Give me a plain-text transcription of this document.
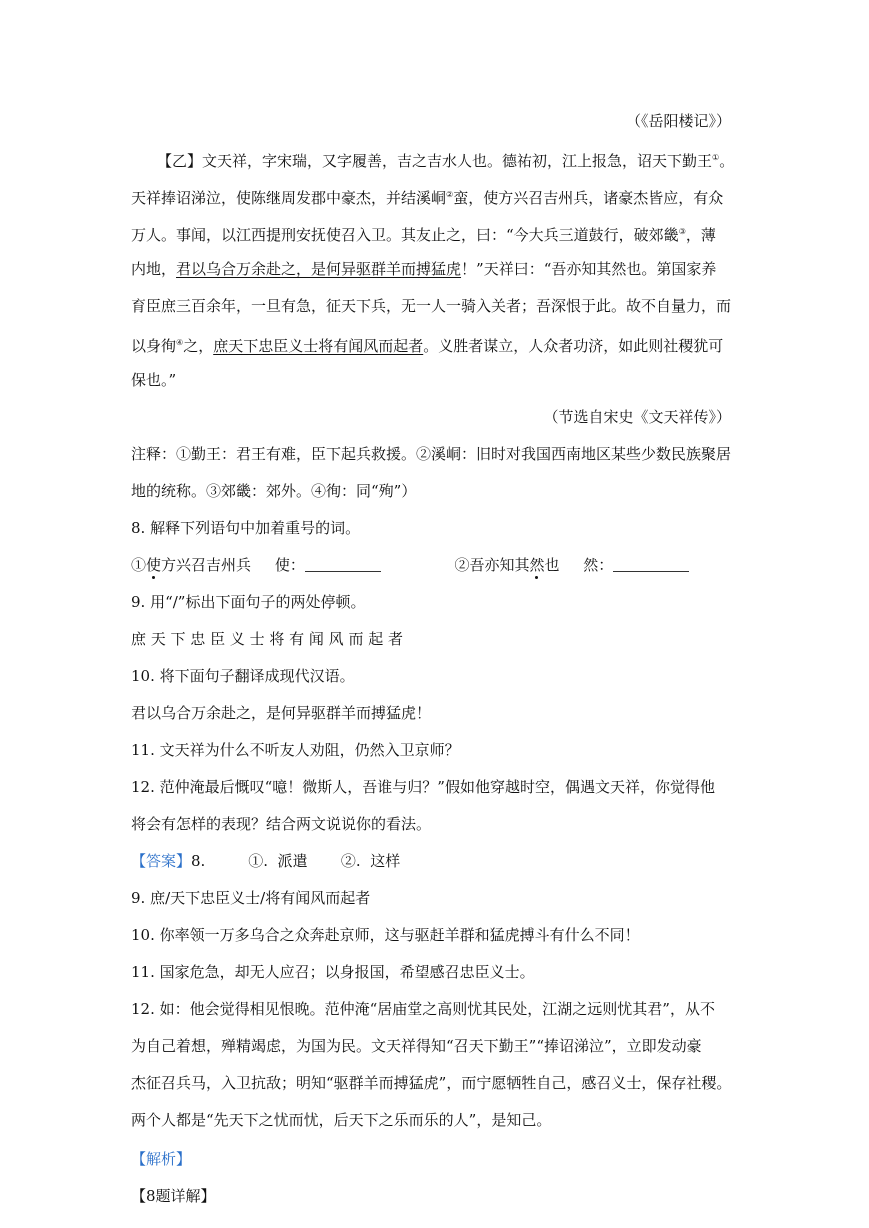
（《岳阳楼记》）
【乙】文天祥，字宋瑞，又字履善，吉之吉水人也。德祐初，江上报急，诏天下勤王①。
天祥捧诏涕泣，使陈继周发郡中豪杰，并结溪峒②蛮，使方兴召吉州兵，诸豪杰皆应，有众
万人。事闻，以江西提刑安抚使召入卫。其友止之，曰：“今大兵三道鼓行，破郊畿③，薄
内地，君以乌合万余赴之，是何异驱群羊而搏猛虎！”天祥曰：“吾亦知其然也。第国家养
育臣庶三百余年，一旦有急，征天下兵，无一人一骑入关者；吾深恨于此。故不自量力，而
以身徇④之，庶天下忠臣义士将有闻风而起者。义胜者谋立，人众者功济，如此则社稷犹可
保也。”
（节选自宋史《文天祥传》）
注释：①勤王：君王有难，臣下起兵救援。②溪峒：旧时对我国西南地区某些少数民族聚居
地的统称。③郊畿：郊外。④徇：同“殉”）
8. 解释下列语句中加着重号的词。
①使方兴召吉州兵     使：	②吾亦知其然也     然：
9. 用“/”标出下面句子的两处停顿。
庶 天 下 忠 臣 义 士 将 有 闻 风 而 起 者
10. 将下面句子翻译成现代汉语。
君以乌合万余赴之，是何异驱群羊而搏猛虎！
11. 文天祥为什么不听友人劝阻，仍然入卫京师？
12. 范仲淹最后慨叹“噫！微斯人，吾谁与归？”假如他穿越时空，偶遇文天祥，你觉得他
将会有怎样的表现？结合两文说说你的看法。
【答案】8.         ①.  派遣       ②.  这样
9. 庶/天下忠臣义士/将有闻风而起者
10. 你率领一万多乌合之众奔赴京师，这与驱赶羊群和猛虎搏斗有什么不同！
11. 国家危急，却无人应召；以身报国，希望感召忠臣义士。
12. 如：他会觉得相见恨晚。范仲淹“居庙堂之高则忧其民处，江湖之远则忧其君”，从不
为自己着想，殚精竭虑，为国为民。文天祥得知“召天下勤王”“捧诏涕泣”，立即发动豪
杰征召兵马，入卫抗敌；明知“驱群羊而搏猛虎”，而宁愿牺牲自己，感召义士，保存社稷。
两个人都是“先天下之忧而忧，后天下之乐而乐的人”，是知己。
【解析】
【8题详解】
